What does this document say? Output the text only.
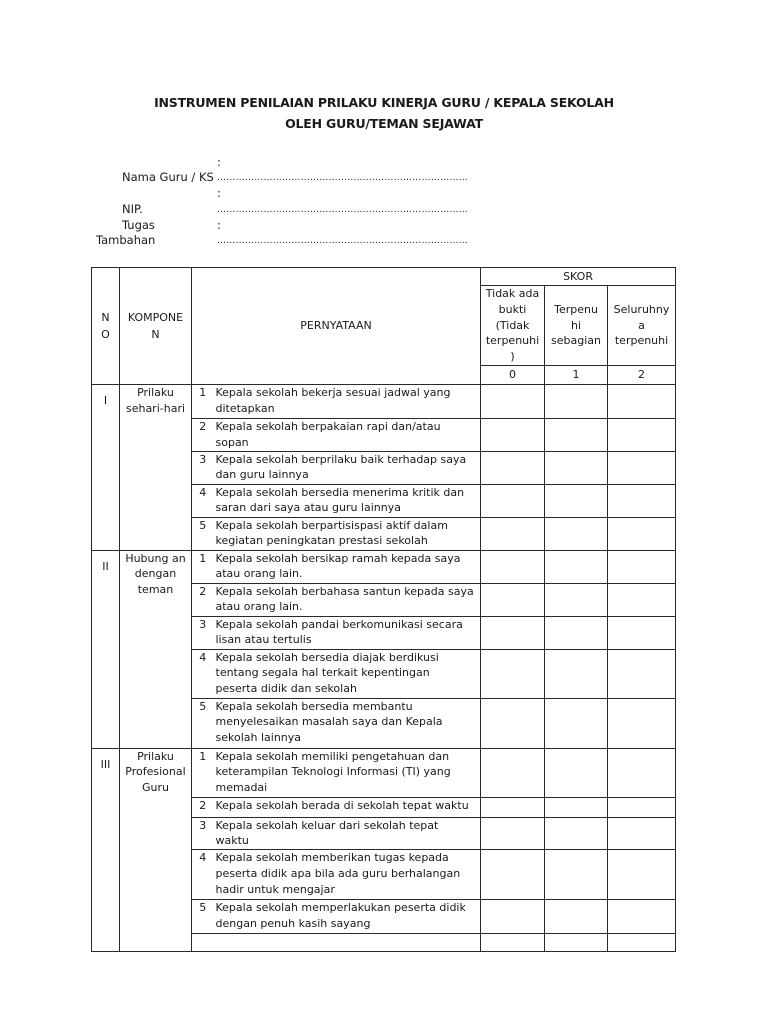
INSTRUMEN PENILAIAN PRILAKU KINERJA GURU / KEPALA SEKOLAH
OLEH GURU/TEMAN SEJAWAT
:
Nama Guru / KS ………………………………………………………………………
:
NIP.	………………………………………………………………………
Tugas	:
Tambahan	………………………………………………………………………
N
O	KOMPONE
N	PERNYATAAN		SKOR		
				Tidak ada bukti (Tidak terpenuhi )	Terpenu hi sebagian	Seluruhny a terpenuhi
				0	1	2
I	Prilaku sehari-hari	1	Kepala sekolah bekerja sesuai jadwal yang ditetapkan			
		2	Kepala sekolah berpakaian rapi dan/atau sopan			
		3	Kepala sekolah berprilaku baik terhadap saya dan guru lainnya			
		4	Kepala sekolah bersedia menerima kritik dan saran dari saya atau guru lainnya			
		5	Kepala sekolah berpartisispasi aktif dalam kegiatan peningkatan prestasi sekolah			
II	Hubung an dengan teman	1	Kepala sekolah bersikap ramah kepada saya atau orang lain.			
		2	Kepala sekolah berbahasa santun kepada saya atau orang lain.			
		3	Kepala sekolah pandai berkomunikasi secara lisan atau tertulis			
		4	Kepala sekolah bersedia diajak berdikusi tentang segala hal terkait kepentingan peserta didik dan sekolah			
		5	Kepala sekolah bersedia membantu menyelesaikan masalah saya dan Kepala sekolah lainnya			
III	Prilaku Profesional Guru	1	Kepala sekolah memiliki pengetahuan dan keterampilan Teknologi Informasi (TI) yang memadai			
		2	Kepala sekolah berada di sekolah tepat waktu			
		3	Kepala sekolah keluar dari sekolah tepat waktu			
		4	Kepala sekolah memberikan tugas kepada peserta didik apa bila ada guru berhalangan hadir untuk mengajar			
		5	Kepala sekolah memperlakukan peserta didik dengan penuh kasih sayang			
